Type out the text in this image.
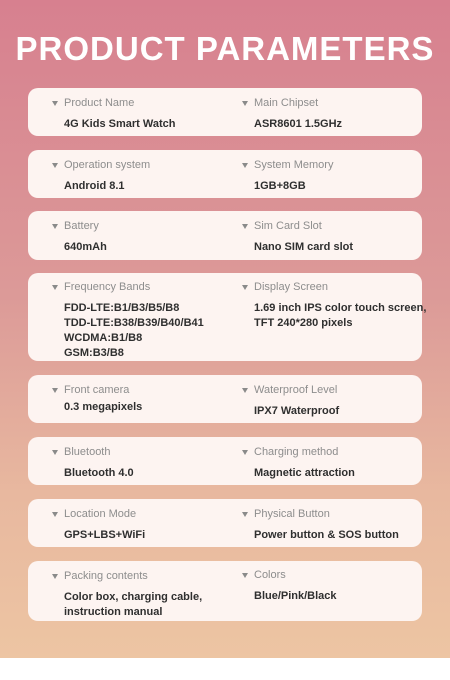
PRODUCT PARAMETERS
Product Name
4G Kids Smart Watch
Main Chipset
ASR8601 1.5GHz
Operation system
Android 8.1
System Memory
1GB+8GB
Battery
640mAh
Sim Card Slot
Nano SIM card slot
Frequency Bands
FDD-LTE:B1/B3/B5/B8
TDD-LTE:B38/B39/B40/B41
WCDMA:B1/B8
GSM:B3/B8
Display Screen
1.69 inch IPS color touch screen,
TFT 240*280 pixels
Front camera
0.3 megapixels
Waterproof Level
IPX7 Waterproof
Bluetooth
Bluetooth 4.0
Charging method
Magnetic attraction
Location Mode
GPS+LBS+WiFi
Physical Button
Power button & SOS button
Packing contents
Color box, charging cable,
instruction manual
Colors
Blue/Pink/Black
